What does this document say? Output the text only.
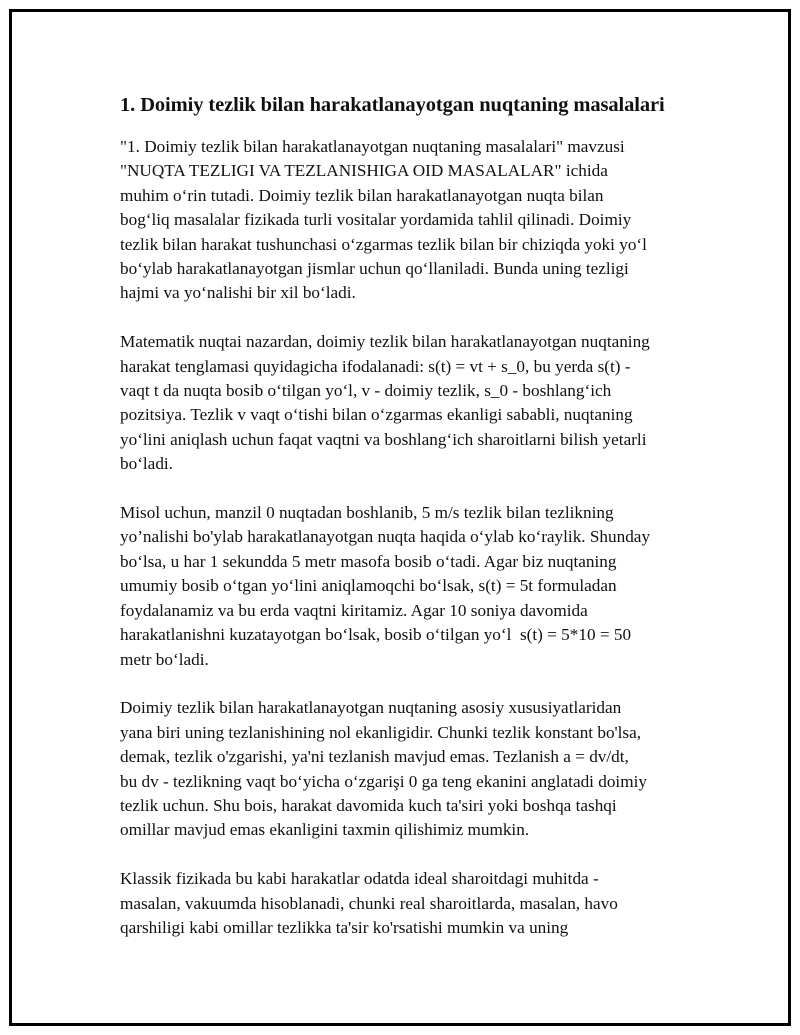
1. Doimiy tezlik bilan harakatlanayotgan nuqtaning masalalari

"1. Doimiy tezlik bilan harakatlanayotgan nuqtaning masalalari" mavzusi
"NUQTA TEZLIGI VA TEZLANISHIGA OID MASALALAR" ichida
muhim o‘rin tutadi. Doimiy tezlik bilan harakatlanayotgan nuqta bilan
bog‘liq masalalar fizikada turli vositalar yordamida tahlil qilinadi. Doimiy
tezlik bilan harakat tushunchasi o‘zgarmas tezlik bilan bir chiziqda yoki yo‘l
bo‘ylab harakatlanayotgan jismlar uchun qo‘llaniladi. Bunda uning tezligi
hajmi va yo‘nalishi bir xil bo‘ladi.

Matematik nuqtai nazardan, doimiy tezlik bilan harakatlanayotgan nuqtaning
harakat tenglamasi quyidagicha ifodalanadi: s(t) = vt + s_0, bu yerda s(t) -
vaqt t da nuqta bosib o‘tilgan yo‘l, v - doimiy tezlik, s_0 - boshlang‘ich
pozitsiya. Tezlik v vaqt o‘tishi bilan o‘zgarmas ekanligi sababli, nuqtaning
yo‘lini aniqlash uchun faqat vaqtni va boshlang‘ich sharoitlarni bilish yetarli
bo‘ladi.

Misol uchun, manzil 0 nuqtadan boshlanib, 5 m/s tezlik bilan tezlikning
yo’nalishi bo'ylab harakatlanayotgan nuqta haqida o‘ylab ko‘raylik. Shunday
bo‘lsa, u har 1 sekundda 5 metr masofa bosib o‘tadi. Agar biz nuqtaning
umumiy bosib o‘tgan yo‘lini aniqlamoqchi bo‘lsak, s(t) = 5t formuladan
foydalanamiz va bu erda vaqtni kiritamiz. Agar 10 soniya davomida
harakatlanishni kuzatayotgan bo‘lsak, bosib o‘tilgan yo‘l  s(t) = 5*10 = 50
metr bo‘ladi.

Doimiy tezlik bilan harakatlanayotgan nuqtaning asosiy xususiyatlaridan
yana biri uning tezlanishining nol ekanligidir. Chunki tezlik konstant bo'lsa,
demak, tezlik o'zgarishi, ya'ni tezlanish mavjud emas. Tezlanish a = dv/dt,
bu dv - tezlikning vaqt bo‘yicha o‘zgarişi 0 ga teng ekanini anglatadi doimiy
tezlik uchun. Shu bois, harakat davomida kuch ta'siri yoki boshqa tashqi
omillar mavjud emas ekanligini taxmin qilishimiz mumkin.

Klassik fizikada bu kabi harakatlar odatda ideal sharoitdagi muhitda -
masalan, vakuumda hisoblanadi, chunki real sharoitlarda, masalan, havo
qarshiligi kabi omillar tezlikka ta'sir ko'rsatishi mumkin va uning
